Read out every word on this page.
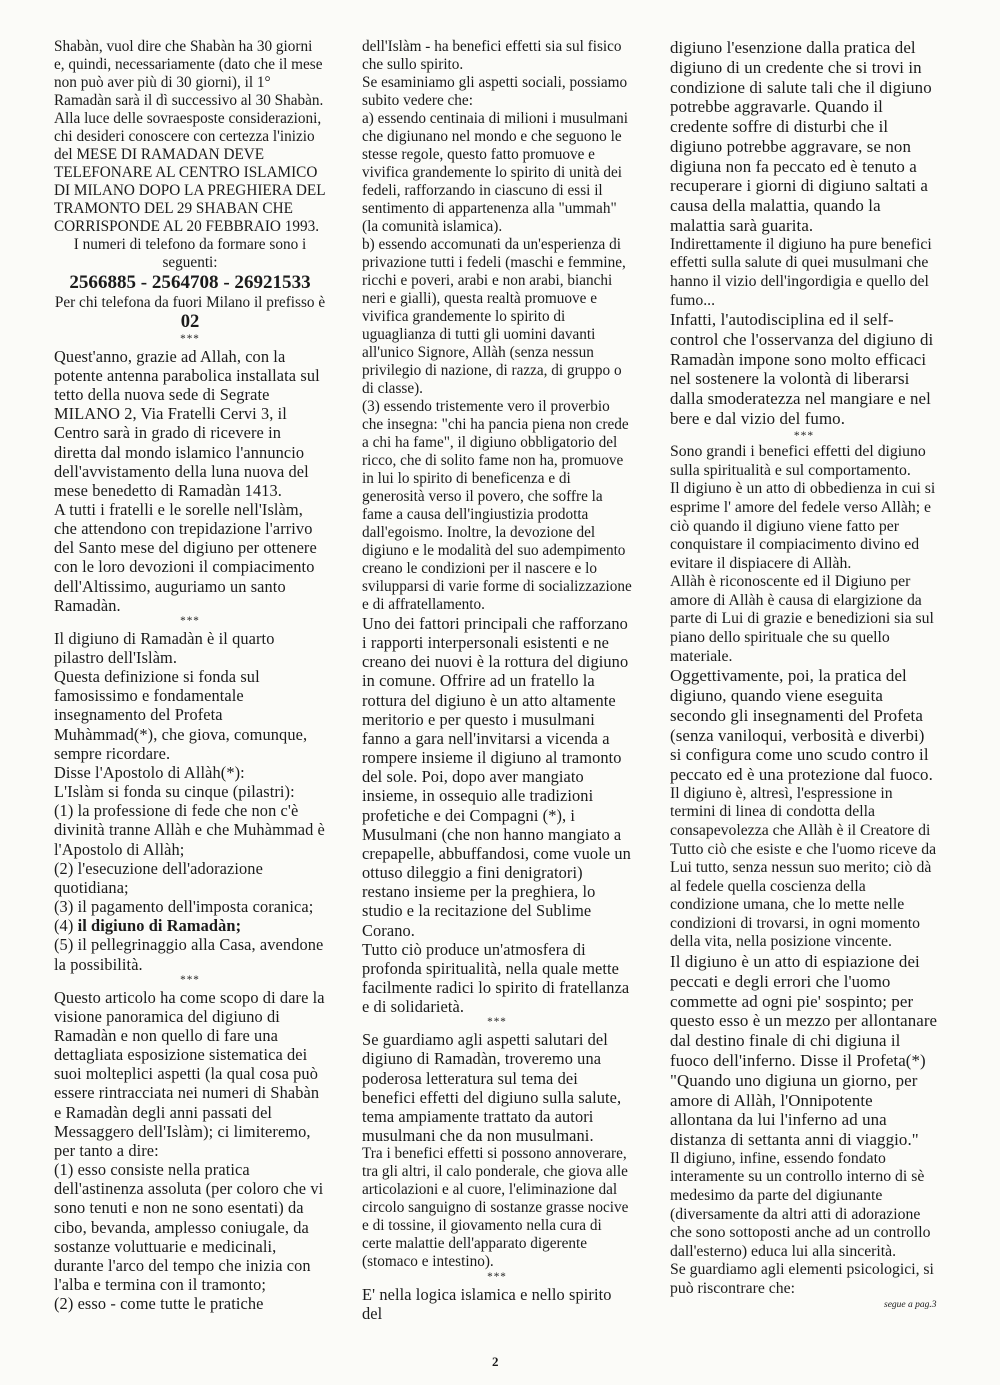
Shabàn, vuol dire che Shabàn ha 30 giorni e, quindi, necessariamente (dato che il mese non può aver più di 30 giorni), il 1° Ramadàn sarà il dì successivo al 30 Shabàn.

Alla luce delle sovraesposte considerazioni, chi desideri conoscere con certezza l'inizio del MESE DI RAMADAN DEVE TELEFONARE AL CENTRO ISLAMICO DI MILANO DOPO LA PREGHIERA DEL TRAMONTO DEL 29 SHABAN CHE CORRISPONDE AL 20 FEBBRAIO 1993.

I numeri di telefono da formare sono i seguenti:

2566885 - 2564708 - 26921533

Per chi telefona da fuori Milano il prefisso è

02

***

Quest'anno, grazie ad Allah, con la potente antenna parabolica installata sul tetto della nuova sede di Segrate MILANO 2, Via Fratelli Cervi 3, il Centro sarà in grado di ricevere in diretta dal mondo islamico l'annuncio dell'avvistamento della luna nuova del mese benedetto di Ramadàn 1413.

A tutti i fratelli e le sorelle nell'Islàm, che attendono con trepidazione l'arrivo del Santo mese del digiuno per ottenere con le loro devozioni il compiacimento dell'Altissimo, auguriamo un santo Ramadàn.

***

Il digiuno di Ramadàn è il quarto pilastro dell'Islàm.

Questa definizione si fonda sul famosissimo e fondamentale insegnamento del Profeta Muhàmmad(*), che giova, comunque, sempre ricordare.

Disse l'Apostolo di Allàh(*):

L'Islàm si fonda su cinque (pilastri):

(1) la professione di fede che non c'è divinità tranne Allàh e che Muhàmmad è l'Apostolo di Allàh;

(2) l'esecuzione dell'adorazione quotidiana;

(3) il pagamento dell'imposta coranica;

(4) il digiuno di Ramadàn;

(5) il pellegrinaggio alla Casa, avendone la possibilità.

***

Questo articolo ha come scopo di dare la visione panoramica del digiuno di Ramadàn e non quello di fare una dettagliata esposizione sistematica dei suoi molteplici aspetti (la qual cosa può essere rintracciata nei numeri di Shabàn e Ramadàn degli anni passati del Messaggero dell'Islàm); ci limiteremo, per tanto a dire:

(1) esso consiste nella pratica dell'astinenza assoluta (per coloro che vi sono tenuti e non ne sono esentati) da cibo, bevanda, amplesso coniugale, da sostanze voluttuarie e medicinali, durante l'arco del tempo che inizia con l'alba e termina con il tramonto;

(2) esso - come tutte le pratiche

dell'Islàm - ha benefici effetti sia sul fisico che sullo spirito.

Se esaminiamo gli aspetti sociali, possiamo subito vedere che:

a) essendo centinaia di milioni i musulmani che digiunano nel mondo e che seguono le stesse regole, questo fatto promuove e vivifica grandemente lo spirito di unità dei fedeli, rafforzando in ciascuno di essi il sentimento di appartenenza alla "ummah" (la comunità islamica).

b) essendo accomunati da un'esperienza di privazione tutti i fedeli (maschi e femmine, ricchi e poveri, arabi e non arabi, bianchi neri e gialli), questa realtà promuove e vivifica grandemente lo spirito di uguaglianza di tutti gli uomini davanti all'unico Signore, Allàh (senza nessun privilegio di nazione, di razza, di gruppo o di classe).

(3) essendo tristemente vero il proverbio che insegna: "chi ha pancia piena non crede a chi ha fame", il digiuno obbligatorio del ricco, che di solito fame non ha, promuove in lui lo spirito di beneficenza e di generosità verso il povero, che soffre la fame a causa dell'ingiustizia prodotta dall'egoismo. Inoltre, la devozione del digiuno e le modalità del suo adempimento creano le condizioni per il nascere e lo svilupparsi di varie forme di socializzazione e di affratellamento.

Uno dei fattori principali che rafforzano i rapporti interpersonali esistenti e ne creano dei nuovi è la rottura del digiuno in comune. Offrire ad un fratello la rottura del digiuno è un atto altamente meritorio e per questo i musulmani fanno a gara nell'invitarsi a vicenda a rompere insieme il digiuno al tramonto del sole. Poi, dopo aver mangiato insieme, in ossequio alle tradizioni profetiche e dei Compagni (*), i Musulmani (che non hanno mangiato a crepapelle, abbuffandosi, come vuole un ottuso dileggio a fini denigratori) restano insieme per la preghiera, lo studio e la recitazione del Sublime Corano.

Tutto ciò produce un'atmosfera di profonda spiritualità, nella quale mette facilmente radici lo spirito di fratellanza e di solidarietà.

***

Se guardiamo agli aspetti salutari del digiuno di Ramadàn, troveremo una poderosa letteratura sul tema dei benefici effetti del digiuno sulla salute, tema ampiamente trattato da autori musulmani che da non musulmani.

Tra i benefici effetti si possono annoverare, tra gli altri, il calo ponderale, che giova alle articolazioni e al cuore, l'eliminazione dal circolo sanguigno di sostanze grasse nocive e di tossine, il giovamento nella cura di certe malattie dell'apparato digerente (stomaco e intestino).

***

E' nella logica islamica e nello spirito del

digiuno l'esenzione dalla pratica del digiuno di un credente che si trovi in condizione di salute tali che il digiuno potrebbe aggravarle. Quando il credente soffre di disturbi che il digiuno potrebbe aggravare, se non digiuna non fa peccato ed è tenuto a recuperare i giorni di digiuno saltati a causa della malattia, quando la malattia sarà guarita.

Indirettamente il digiuno ha pure benefici effetti sulla salute di quei musulmani che hanno il vizio dell'ingordigia e quello del fumo...

Infatti, l'autodisciplina ed il self-control che l'osservanza del digiuno di Ramadàn impone sono molto efficaci nel sostenere la volontà di liberarsi dalla smoderatezza nel mangiare e nel bere e dal vizio del fumo.

***

Sono grandi i benefici effetti del digiuno sulla spiritualità e sul comportamento.

Il digiuno è un atto di obbedienza in cui si esprime l' amore del fedele verso Allàh; e ciò quando il digiuno viene fatto per conquistare il compiacimento divino ed evitare il dispiacere di Allàh.

Allàh è riconoscente ed il Digiuno per amore di Allàh è causa di elargizione da parte di Lui di grazie e benedizioni sia sul piano dello spirituale che su quello materiale.

Oggettivamente, poi, la pratica del digiuno, quando viene eseguita secondo gli insegnamenti del Profeta (senza vaniloqui, verbosità e diverbi) si configura come uno scudo contro il peccato ed è una protezione dal fuoco.

Il digiuno è, altresì, l'espressione in termini di linea di condotta della consapevolezza che Allàh è il Creatore di Tutto ciò che esiste e che l'uomo riceve da Lui tutto, senza nessun suo merito; ciò dà al fedele quella coscienza della condizione umana, che lo mette nelle condizioni di trovarsi, in ogni momento della vita, nella posizione vincente.

Il digiuno è un atto di espiazione dei peccati e degli errori che l'uomo commette ad ogni pie' sospinto; per questo esso è un mezzo per allontanare dal destino finale di chi digiuna il fuoco dell'inferno. Disse il Profeta(*) "Quando uno digiuna un giorno, per amore di Allàh, l'Onnipotente allontana da lui l'inferno ad una distanza di settanta anni di viaggio."

Il digiuno, infine, essendo fondato interamente su un controllo interno di sè medesimo da parte del digiunante (diversamente da altri atti di adorazione che sono sottoposti anche ad un controllo dall'esterno) educa lui alla sincerità.

Se guardiamo agli elementi psicologici, si può riscontrare che:

segue a pag.3
2
